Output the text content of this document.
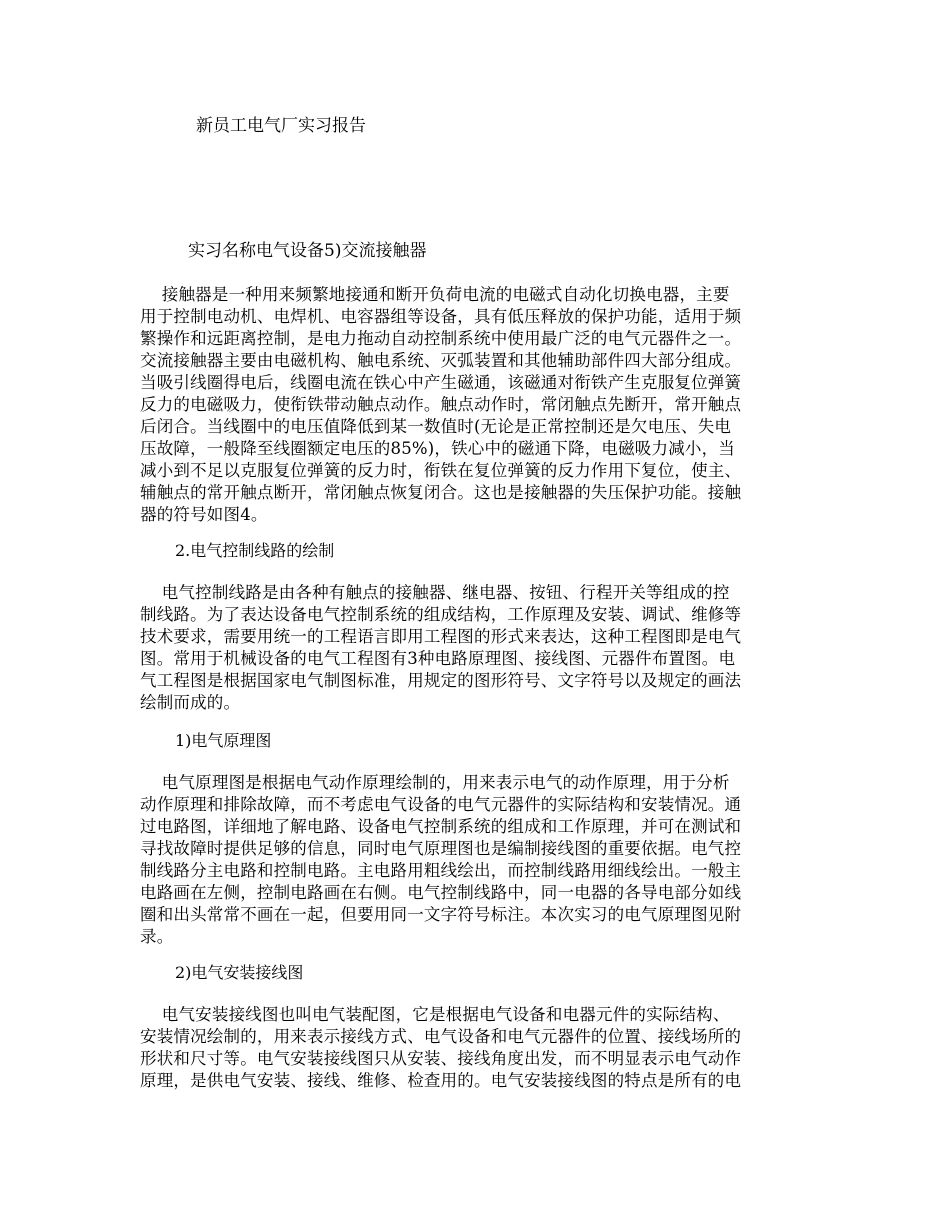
新员工电气厂实习报告
实习名称电气设备5)交流接触器
接触器是一种用来频繁地接通和断开负荷电流的电磁式自动化切换电器，主要
用于控制电动机、电焊机、电容器组等设备，具有低压释放的保护功能，适用于频
繁操作和远距离控制，是电力拖动自动控制系统中使用最广泛的电气元器件之一。
交流接触器主要由电磁机构、触电系统、灭弧装置和其他辅助部件四大部分组成。
当吸引线圈得电后，线圈电流在铁心中产生磁通，该磁通对衔铁产生克服复位弹簧
反力的电磁吸力，使衔铁带动触点动作。触点动作时，常闭触点先断开，常开触点
后闭合。当线圈中的电压值降低到某一数值时(无论是正常控制还是欠电压、失电
压故障，一般降至线圈额定电压的85%)，铁心中的磁通下降，电磁吸力减小，当
减小到不足以克服复位弹簧的反力时，衔铁在复位弹簧的反力作用下复位，使主、
辅触点的常开触点断开，常闭触点恢复闭合。这也是接触器的失压保护功能。接触
器的符号如图4。
2.电气控制线路的绘制
电气控制线路是由各种有触点的接触器、继电器、按钮、行程开关等组成的控
制线路。为了表达设备电气控制系统的组成结构，工作原理及安装、调试、维修等
技术要求，需要用统一的工程语言即用工程图的形式来表达，这种工程图即是电气
图。常用于机械设备的电气工程图有3种电路原理图、接线图、元器件布置图。电
气工程图是根据国家电气制图标准，用规定的图形符号、文字符号以及规定的画法
绘制而成的。
1)电气原理图
电气原理图是根据电气动作原理绘制的，用来表示电气的动作原理，用于分析
动作原理和排除故障，而不考虑电气设备的电气元器件的实际结构和安装情况。通
过电路图，详细地了解电路、设备电气控制系统的组成和工作原理，并可在测试和
寻找故障时提供足够的信息，同时电气原理图也是编制接线图的重要依据。电气控
制线路分主电路和控制电路。主电路用粗线绘出，而控制线路用细线绘出。一般主
电路画在左侧，控制电路画在右侧。电气控制线路中，同一电器的各导电部分如线
圈和出头常常不画在一起，但要用同一文字符号标注。本次实习的电气原理图见附
录。
2)电气安装接线图
电气安装接线图也叫电气装配图，它是根据电气设备和电器元件的实际结构、
安装情况绘制的，用来表示接线方式、电气设备和电气元器件的位置、接线场所的
形状和尺寸等。电气安装接线图只从安装、接线角度出发，而不明显表示电气动作
原理，是供电气安装、接线、维修、检查用的。电气安装接线图的特点是所有的电
